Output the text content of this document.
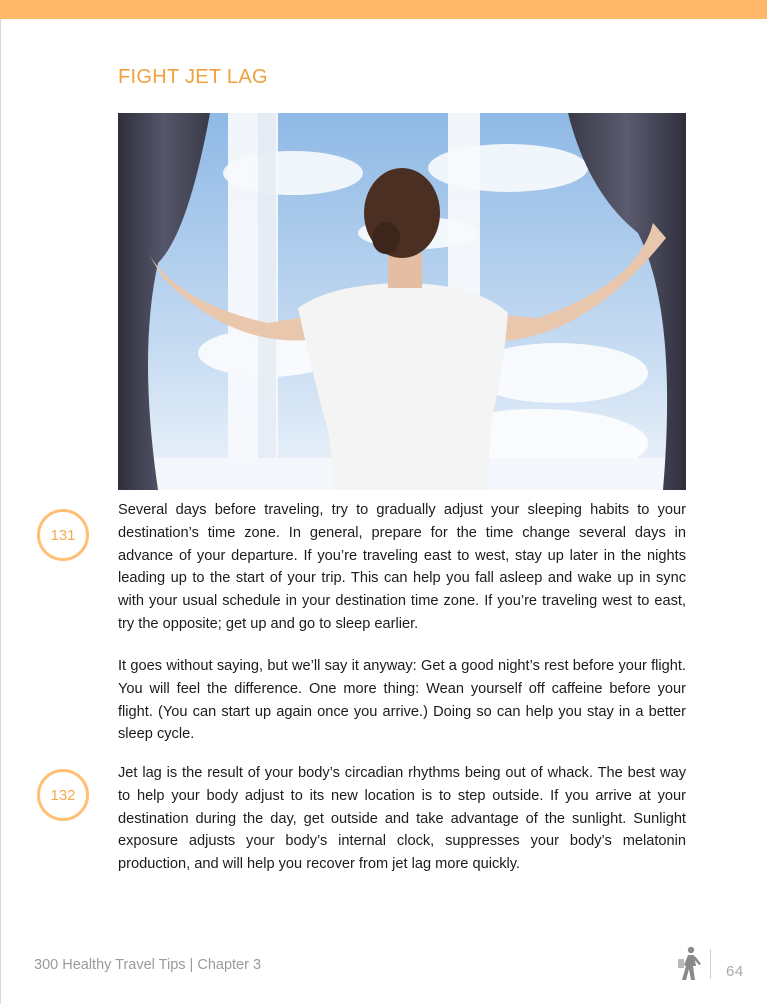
FIGHT JET LAG
131

Several days before traveling, try to gradually adjust your sleeping habits to your destination’s time zone. In general, prepare for the time change several days in advance of your departure. If you’re traveling east to west, stay up later in the nights leading up to the start of your trip. This can help you fall asleep and wake up in sync with your usual schedule in your destination time zone. If you’re traveling west to east, try the opposite; get up and go to sleep earlier.

It goes without saying, but we’ll say it anyway: Get a good night’s rest before your flight. You will feel the difference. One more thing: Wean yourself off caffeine before your flight. (You can start up again once you arrive.) Doing so can help you stay in a better sleep cycle.

132

Jet lag is the result of your body’s circadian rhythms being out of whack. The best way to help your body adjust to its new location is to step outside. If you arrive at your destination during the day, get outside and take advantage of the sunlight. Sunlight exposure adjusts your body’s internal clock, suppresses your body’s melatonin production, and will help you recover from jet lag more quickly.

300 Healthy Travel Tips | Chapter 3	64
